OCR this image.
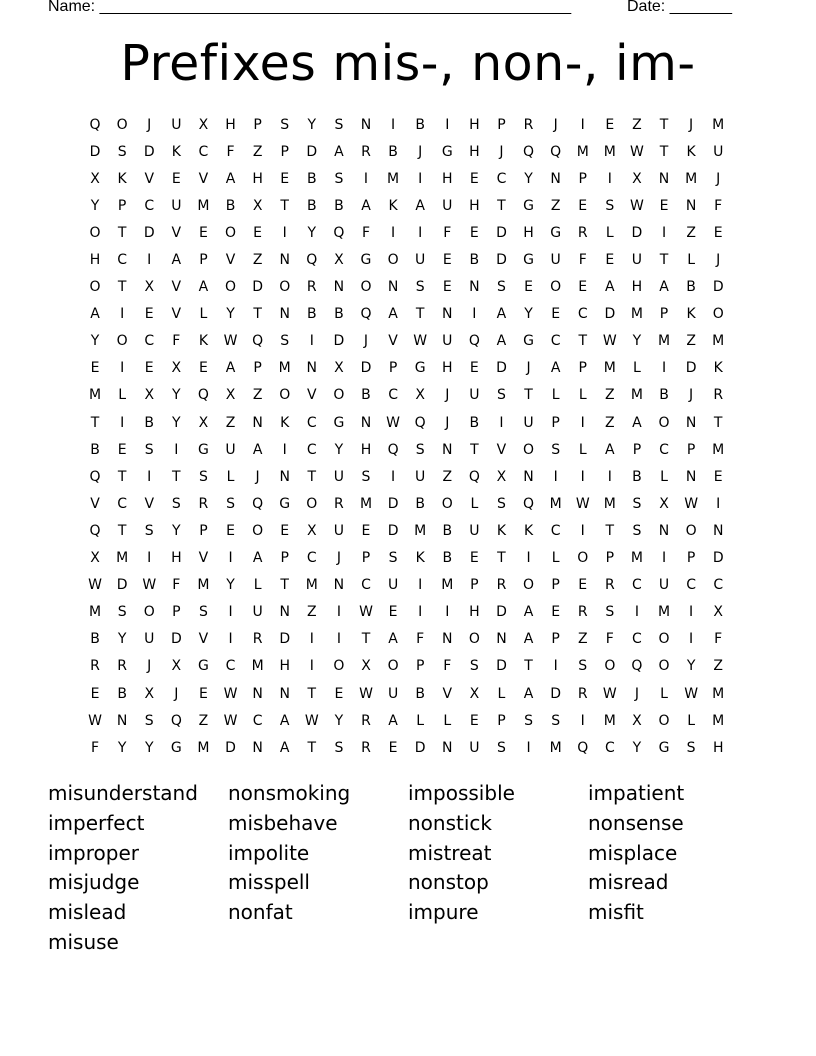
Name: _____________________________________________________	Date: _______
Prefixes mis-, non-, im-
Q	O	J	U	X	H	P	S	Y	S	N	I	B	I	H	P	R	J	I	E	Z	T	J	M
D	S	D	K	C	F	Z	P	D	A	R	B	J	G	H	J	Q	Q	M	M W	T	K	U
X	K	V	E	V	A	H	E	B	S	I	M	I	H	E	C	Y	N	P	I	X	N	M	J
Y	P	C	U	M	B	X	T	B	B	A	K	A	U	H	T	G	Z	E	S	W	E	N	F
O	T	D	V	E	O	E	I	Y	Q	F	I	I	F	E	D	H	G	R	L	D	I	Z	E
H	C	I	A	P	V	Z	N	Q	X	G	O	U	E	B	D	G	U	F	E	U	T	L	J
O	T	X	V	A	O	D	O	R	N	O	N	S	E	N	S	E	O	E	A	H	A	B	D
A	I	E	V	L	Y	T	N	B	B	Q	A	T	N	I	A	Y	E	C	D	M	P	K	O
Y	O	C	F	K	W Q	S	I	D	J	V	W	U	Q	A	G	C	T	W	Y	M	Z	M
E	I	E	X	E	A	P	M	N	X	D	P	G	H	E	D	J	A	P	M	L	I	D	K
M	L	X	Y	Q	X	Z	O	V	O	B	C	X	J	U	S	T	L	L	Z	M	B	J	R
T	I	B	Y	X	Z	N	K	C	G	N W Q	J	B	I	U	P	I	Z	A	O	N	T
B	E	S	I	G	U	A	I	C	Y	H	Q	S	N	T	V	O	S	L	A	P	C	P	M
Q	T	I	T	S	L	J	N	T	U	S	I	U	Z	Q	X	N	I	I	I	B	L	N	E
V	C	V	S	R	S	Q	G	O	R	M	D	B	O	L	S	Q	M W M	S	X	W	I
Q	T	S	Y	P	E	O	E	X	U	E	D	M	B	U	K	K	C	I	T	S	N	O	N
X	M	I	H	V	I	A	P	C	J	P	S	K	B	E	T	I	L	O	P	M	I	P	D
W D W	F	M	Y	L	T	M	N	C	U	I	M	P	R	O	P	E	R	C	U	C	C
M	S	O	P	S	I	U	N	Z	I	W	E	I	I	H	D	A	E	R	S	I	M	I	X
B	Y	U	D	V	I	R	D	I	I	T	A	F	N	O	N	A	P	Z	F	C	O	I	F
R	R	J	X	G	C	M	H	I	O	X	O	P	F	S	D	T	I	S	O	Q	O	Y	Z
E	B	X	J	E	W N	N	T	E	W	U	B	V	X	L	A	D	R	W	J	L	W M
W N	S	Q	Z	W	C	A	W	Y	R	A	L	L	E	P	S	S	I	M	X	O	L	M
F	Y	Y	G	M	D	N	A	T	S	R	E	D	N	U	S	I	M	Q	C	Y	G	S	H
misunderstand	nonsmoking	impossible	impatient
imperfect	misbehave	nonstick	nonsense
improper	impolite	mistreat	misplace
misjudge	misspell	nonstop	misread
mislead	nonfat	impure	misfit
misuse
